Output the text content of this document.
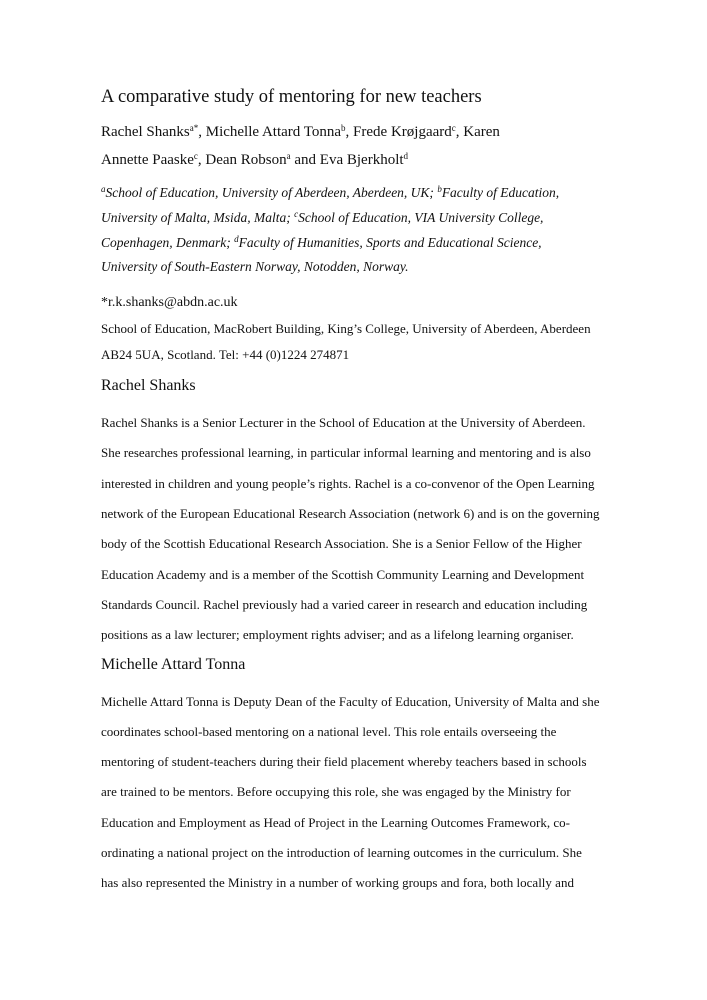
A comparative study of mentoring for new teachers
Rachel Shanks$^{a*}$, Michelle Attard Tonna$^b$, Frede Krøjgaard$^c$, Karen
Annette Paaske$^c$, Dean Robson$^a$ and Eva Bjerkholt$^d$
$^a$School of Education, University of Aberdeen, Aberdeen, UK; $^b$Faculty of Education,
University of Malta, Msida, Malta; $^c$School of Education, VIA University College,
Copenhagen, Denmark; $^d$Faculty of Humanities, Sports and Educational Science,
University of South-Eastern Norway, Notodden, Norway.
*r.k.shanks@abdn.ac.uk
School of Education, MacRobert Building, King’s College, University of Aberdeen, Aberdeen
AB24 5UA, Scotland. Tel: +44 (0)1224 274871
Rachel Shanks
Rachel Shanks is a Senior Lecturer in the School of Education at the University of Aberdeen.
She researches professional learning, in particular informal learning and mentoring and is also
interested in children and young people’s rights. Rachel is a co-convenor of the Open Learning
network of the European Educational Research Association (network 6) and is on the governing
body of the Scottish Educational Research Association. She is a Senior Fellow of the Higher
Education Academy and is a member of the Scottish Community Learning and Development
Standards Council. Rachel previously had a varied career in research and education including
positions as a law lecturer; employment rights adviser; and as a lifelong learning organiser.
Michelle Attard Tonna
Michelle Attard Tonna is Deputy Dean of the Faculty of Education, University of Malta and she
coordinates school-based mentoring on a national level. This role entails overseeing the
mentoring of student-teachers during their field placement whereby teachers based in schools
are trained to be mentors. Before occupying this role, she was engaged by the Ministry for
Education and Employment as Head of Project in the Learning Outcomes Framework, co-
ordinating a national project on the introduction of learning outcomes in the curriculum. She
has also represented the Ministry in a number of working groups and fora, both locally and
